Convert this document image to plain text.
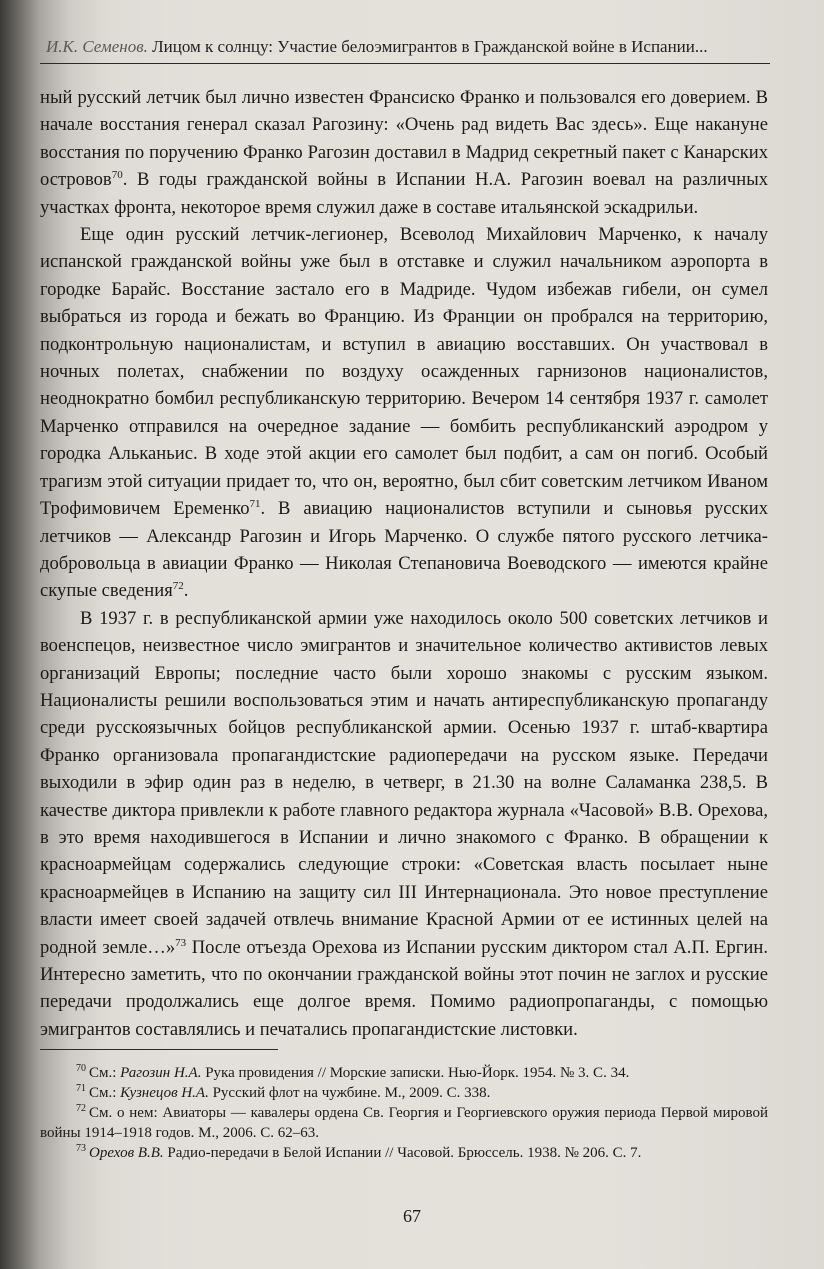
И.К. Семенов. Лицом к солнцу: Участие белоэмигрантов в Гражданской войне в Испании...

ный русский летчик был лично известен Франсиско Франко и пользовался его доверием. В начале восстания генерал сказал Рагозину: «Очень рад видеть Вас здесь». Еще накануне восстания по поручению Франко Рагозин доставил в Мадрид секретный пакет с Канарских островов$^{70}$. В годы гражданской войны в Испании Н.А. Рагозин воевал на различных участках фронта, некоторое время служил даже в составе итальянской эскадрильи.

Еще один русский летчик-легионер, Всеволод Михайлович Марченко, к началу испанской гражданской войны уже был в отставке и служил начальником аэропорта в городке Барайс. Восстание застало его в Мадриде. Чудом избежав гибели, он сумел выбраться из города и бежать во Францию. Из Франции он пробрался на территорию, подконтрольную националистам, и вступил в авиацию восставших. Он участвовал в ночных полетах, снабжении по воздуху осажденных гарнизонов националистов, неоднократно бомбил республиканскую территорию. Вечером 14 сентября 1937 г. самолет Марченко отправился на очередное задание — бомбить республиканский аэродром у городка Альканьис. В ходе этой акции его самолет был подбит, а сам он погиб. Особый трагизм этой ситуации придает то, что он, вероятно, был сбит советским летчиком Иваном Трофимовичем Еременко$^{71}$. В авиацию националистов вступили и сыновья русских летчиков — Александр Рагозин и Игорь Марченко. О службе пятого русского летчика-добровольца в авиации Франко — Николая Степановича Воеводского — имеются крайне скупые сведения$^{72}$.

В 1937 г. в республиканской армии уже находилось около 500 советских летчиков и военспецов, неизвестное число эмигрантов и значительное количество активистов левых организаций Европы; последние часто были хорошо знакомы с русским языком. Националисты решили воспользоваться этим и начать антиреспубликанскую пропаганду среди русскоязычных бойцов республиканской армии. Осенью 1937 г. штаб-квартира Франко организовала пропагандистские радиопередачи на русском языке. Передачи выходили в эфир один раз в неделю, в четверг, в 21.30 на волне Саламанка 238,5. В качестве диктора привлекли к работе главного редактора журнала «Часовой» В.В. Орехова, в это время находившегося в Испании и лично знакомого с Франко. В обращении к красноармейцам содержались следующие строки: «Советская власть посылает ныне красноармейцев в Испанию на защиту сил III Интернационала. Это новое преступление власти имеет своей задачей отвлечь внимание Красной Армии от ее истинных целей на родной земле…»$^{73}$ После отъезда Орехова из Испании русским диктором стал А.П. Ергин. Интересно заметить, что по окончании гражданской войны этот почин не заглох и русские передачи продолжались еще долгое время. Помимо радиопропаганды, с помощью эмигрантов составлялись и печатались пропагандистские листовки.

$^{70}$ См.: Рагозин Н.А. Рука провидения // Морские записки. Нью-Йорк. 1954. № 3. С. 34.

$^{71}$ См.: Кузнецов Н.А. Русский флот на чужбине. М., 2009. С. 338.

$^{72}$ См. о нем: Авиаторы — кавалеры ордена Св. Георгия и Георгиевского оружия периода Первой мировой войны 1914–1918 годов. М., 2006. С. 62–63.

$^{73}$ Орехов В.В. Радио-передачи в Белой Испании // Часовой. Брюссель. 1938. № 206. С. 7.

67
